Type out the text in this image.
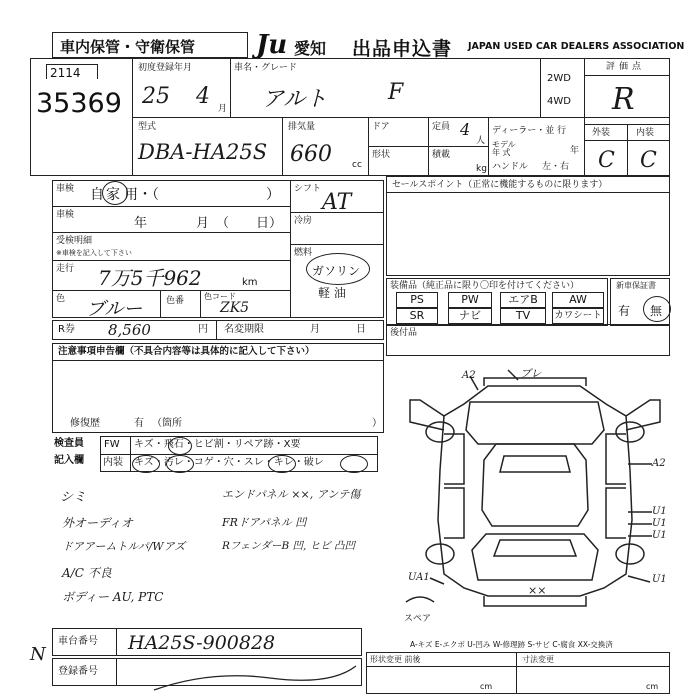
車内保管・守衛保管 Ju 愛知 出品申込書 JAPAN USED CAR DEALERS ASSOCIATION
2114
35369
初度登録年月
25 4 月
車名・グレード
アルト	F
2WD
4WD
評価点
R
外装	内装
C C
型式
DBA-HA25S
排気量
660 cc
ドア
形状
定員 4
人
積載
kg
ディーラー・並 行
モデル
年 式	年
ハンドル 左・右
車検 自 家 用・（	）
車検
年	月 （ 日）
受検明細
※車検を記入して下さい
走行 7万5千962	km
色 ブルー	色番 色コード
ZK5
シフト
AT
冷房
燃料
ガソリン
軽 油
セールスポイント（正常に機能するものに限ります）
装備品（純正品に限り〇印を付けてください）
PS	PW	エアB	AW
SR	ナビ	TV	カワシート
新車保証書
有 無
後付品
R券 8,560	円 名変期限	月	日
注意事項申告欄（不具合内容等は具体的に記入して下さい）
修復歴	有 （箇所	）
検査員
記入欄
FW キズ・飛石・ヒビ割・リペア跡・X要
内装 キズ・汚レ・コゲ・穴・スレ・キレ・破レ
シミ
外オーディオ
ドアアームトルパ/Wアズ
A/C 不良
ボディー AU, PTC
エンドパネル ××, アンテ傷
FRドアパネル 凹
RフェンダーB 凹, ヒビ 凸凹
ブレ
A2
A2
U1
U1
U1
UA1
××
U1
スペア
A-キズ E-エクボ U-凹み W-修理跡 S-サビ C-腐食 XX-交換済
車台番号 HA25S-900828
登録番号
形状変更 前後	寸法変更
cm	cm
N
